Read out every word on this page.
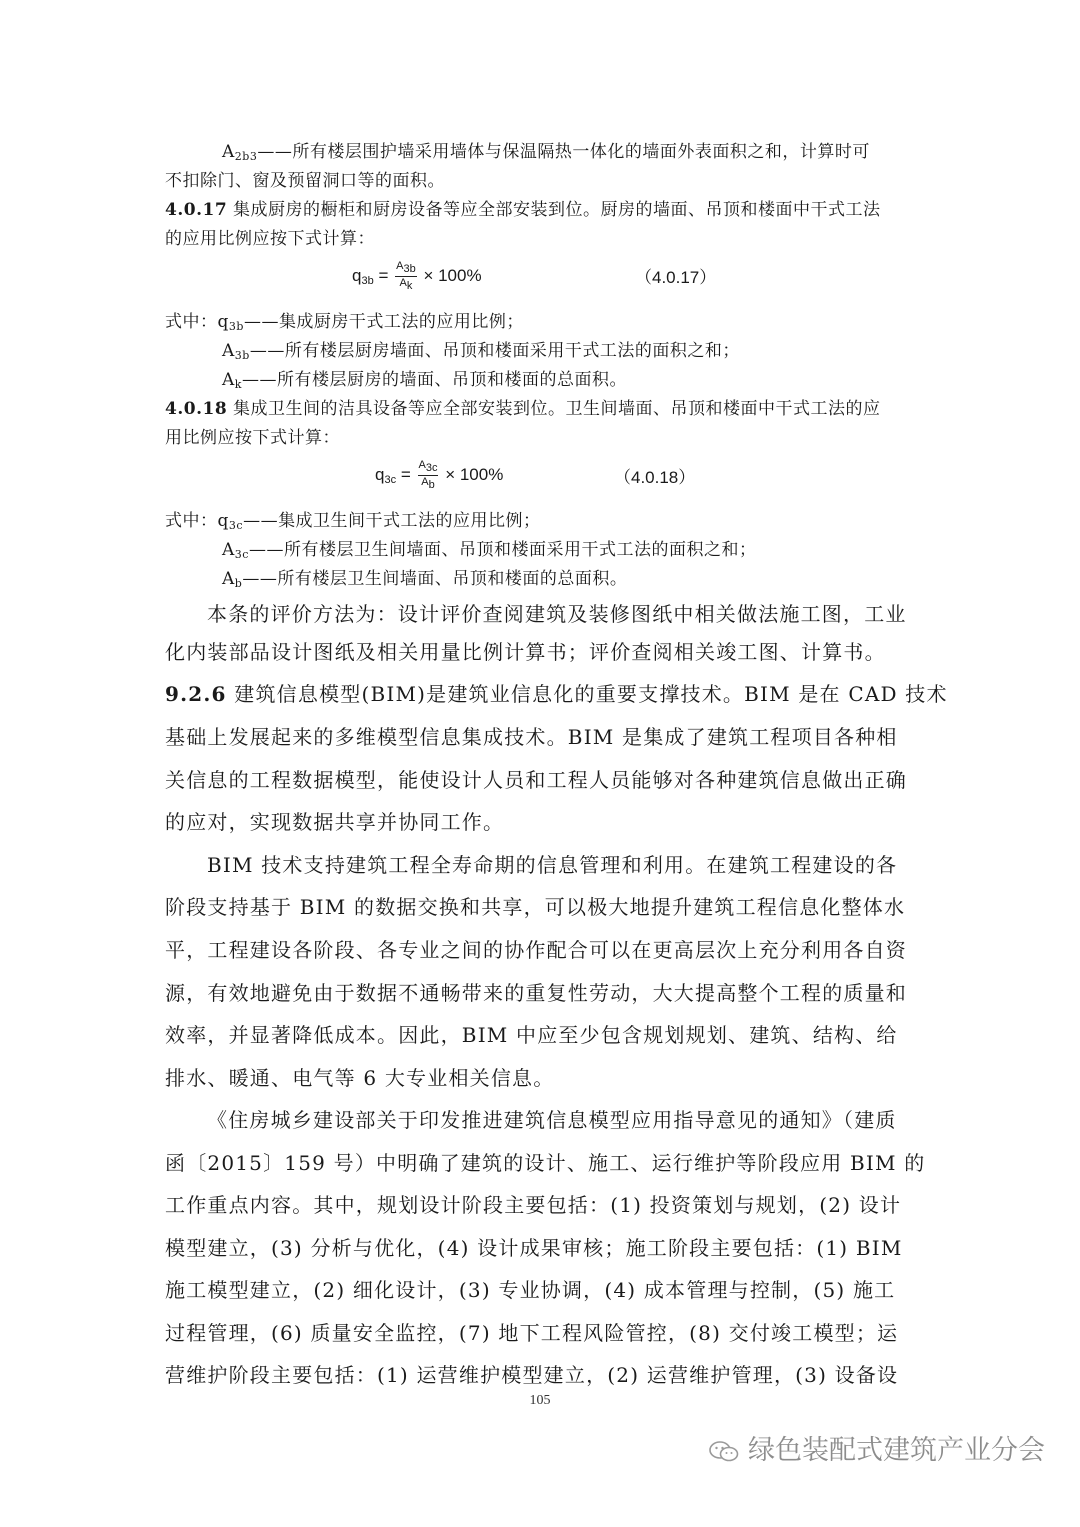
$A_{2b3}——$所有楼层围护墙采用墙体与保温隔热一体化的墙面外表面积之和，计算时可
不扣除门、窗及预留洞口等的面积。
4.0.17 集成厨房的橱柜和厨房设备等应全部安装到位。厨房的墙面、吊顶和楼面中干式工法
的应用比例应按下式计算：
$q_{3b} = \frac{A_{3b}}{A_k} \times 100\%$	（4.0.17）
式中：$q_{3b}——$集成厨房干式工法的应用比例；
$A_{3b}——$所有楼层厨房墙面、吊顶和楼面采用干式工法的面积之和；
$A_k——$所有楼层厨房的墙面、吊顶和楼面的总面积。
4.0.18 集成卫生间的洁具设备等应全部安装到位。卫生间墙面、吊顶和楼面中干式工法的应
用比例应按下式计算：
$q_{3c} = \frac{A_{3c}}{A_b} \times 100\%$	（4.0.18）
式中：$q_{3c}——$集成卫生间干式工法的应用比例；
$A_{3c}——$所有楼层卫生间墙面、吊顶和楼面采用干式工法的面积之和；
$A_b——$所有楼层卫生间墙面、吊顶和楼面的总面积。
本条的评价方法为：设计评价查阅建筑及装修图纸中相关做法施工图，工业
化内装部品设计图纸及相关用量比例计算书；评价查阅相关竣工图、计算书。
9.2.6 建筑信息模型(BIM)是建筑业信息化的重要支撑技术。BIM 是在 CAD 技术
基础上发展起来的多维模型信息集成技术。BIM 是集成了建筑工程项目各种相
关信息的工程数据模型，能使设计人员和工程人员能够对各种建筑信息做出正确
的应对，实现数据共享并协同工作。
BIM 技术支持建筑工程全寿命期的信息管理和利用。在建筑工程建设的各
阶段支持基于 BIM 的数据交换和共享，可以极大地提升建筑工程信息化整体水
平，工程建设各阶段、各专业之间的协作配合可以在更高层次上充分利用各自资
源，有效地避免由于数据不通畅带来的重复性劳动，大大提高整个工程的质量和
效率，并显著降低成本。因此，BIM 中应至少包含规划规划、建筑、结构、给
排水、暖通、电气等 6 大专业相关信息。
《住房城乡建设部关于印发推进建筑信息模型应用指导意见的通知》（建质
函〔2015〕159 号）中明确了建筑的设计、施工、运行维护等阶段应用 BIM 的
工作重点内容。其中，规划设计阶段主要包括：(1) 投资策划与规划，(2) 设计
模型建立，(3) 分析与优化，(4) 设计成果审核；施工阶段主要包括：(1) BIM
施工模型建立，(2) 细化设计，(3) 专业协调，(4) 成本管理与控制，(5) 施工
过程管理，(6) 质量安全监控，(7) 地下工程风险管控，(8) 交付竣工模型；运
营维护阶段主要包括：(1) 运营维护模型建立，(2) 运营维护管理，(3) 设备设
105
绿色装配式建筑产业分会
